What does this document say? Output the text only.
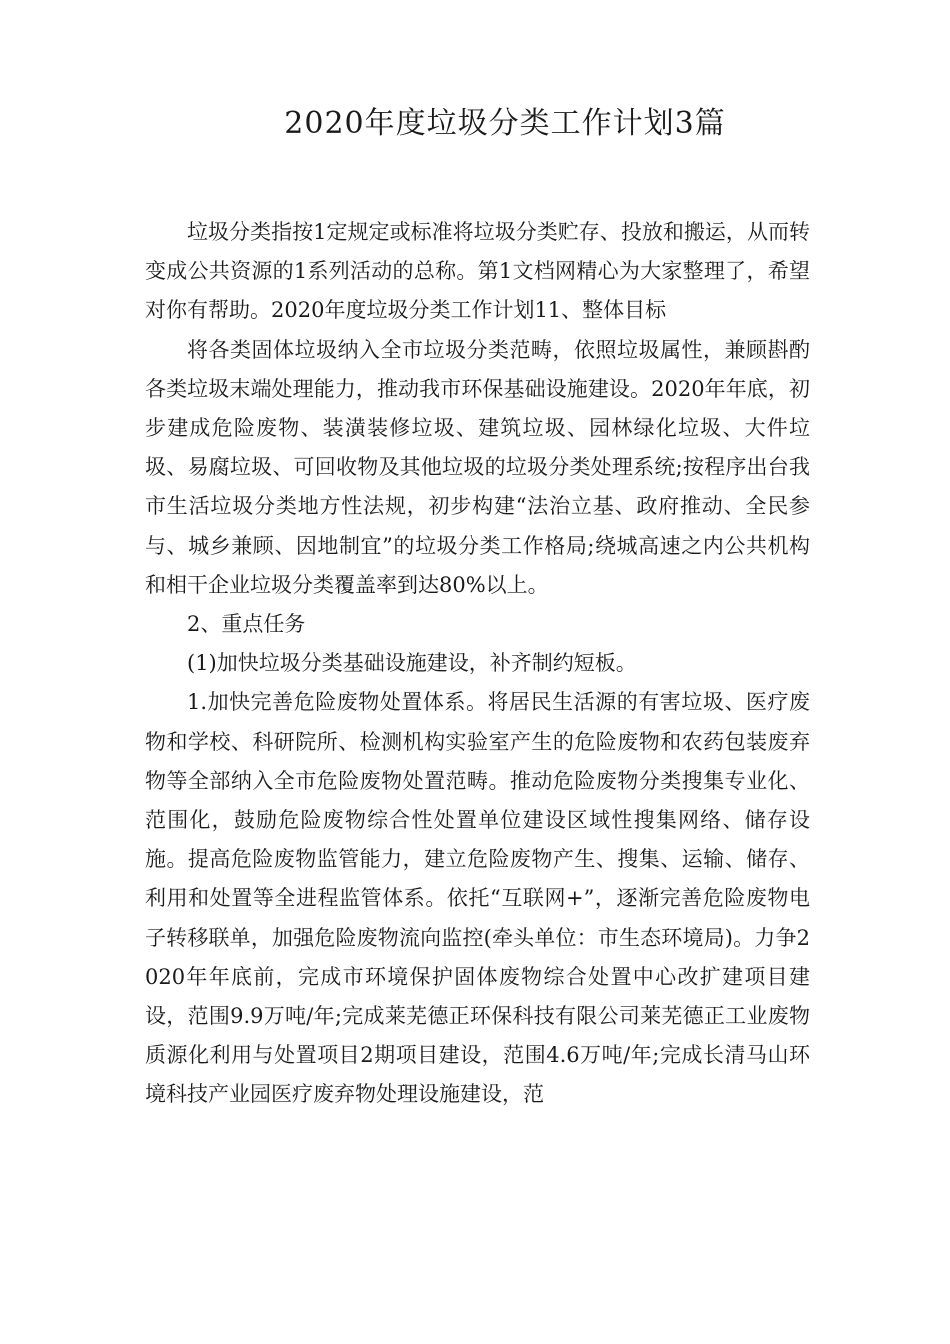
2020年度垃圾分类工作计划3篇

垃圾分类指按1定规定或标准将垃圾分类贮存、投放和搬运，从而转变成公共资源的1系列活动的总称。第1文档网精心为大家整理了，希望对你有帮助。2020年度垃圾分类工作计划11、整体目标

将各类固体垃圾纳入全市垃圾分类范畴，依照垃圾属性，兼顾斟酌各类垃圾末端处理能力，推动我市环保基础设施建设。2020年年底，初步建成危险废物、装潢装修垃圾、建筑垃圾、园林绿化垃圾、大件垃圾、易腐垃圾、可回收物及其他垃圾的垃圾分类处理系统;按程序出台我市生活垃圾分类地方性法规，初步构建“法治立基、政府推动、全民参与、城乡兼顾、因地制宜”的垃圾分类工作格局;绕城高速之内公共机构和相干企业垃圾分类覆盖率到达80%以上。

2、重点任务

(1)加快垃圾分类基础设施建设，补齐制约短板。

1.加快完善危险废物处置体系。将居民生活源的有害垃圾、医疗废物和学校、科研院所、检测机构实验室产生的危险废物和农药包装废弃物等全部纳入全市危险废物处置范畴。推动危险废物分类搜集专业化、范围化，鼓励危险废物综合性处置单位建设区域性搜集网络、储存设施。提高危险废物监管能力，建立危险废物产生、搜集、运输、储存、利用和处置等全进程监管体系。依托“互联网+”，逐渐完善危险废物电子转移联单，加强危险废物流向监控(牵头单位：市生态环境局)。力争2020年年底前，完成市环境保护固体废物综合处置中心改扩建项目建设，范围9.9万吨/年;完成莱芜德正环保科技有限公司莱芜德正工业废物质源化利用与处置项目2期项目建设，范围4.6万吨/年;完成长清马山环境科技产业园医疗废弃物处理设施建设，范
